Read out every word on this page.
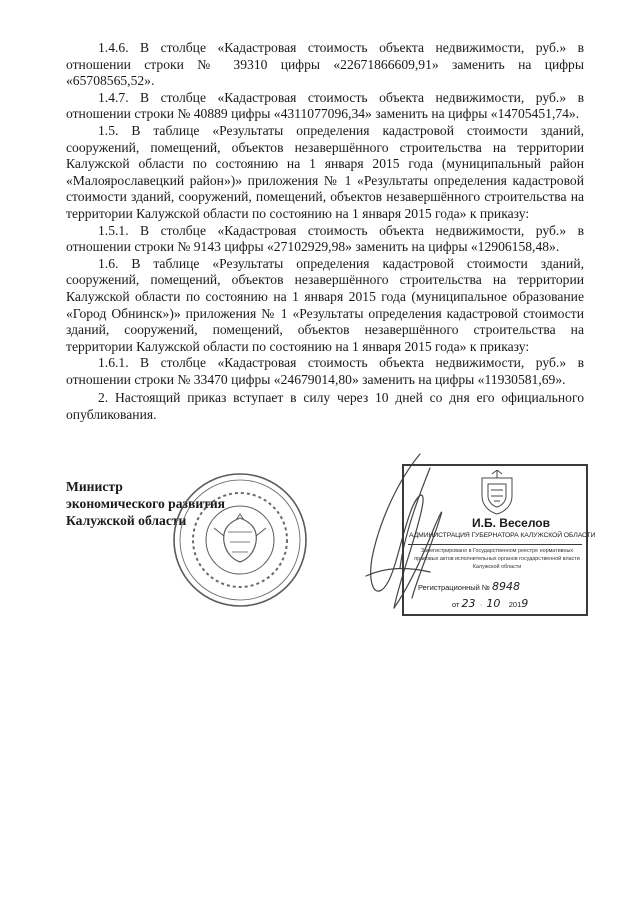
1.4.6. В столбце «Кадастровая стоимость объекта недвижимости, руб.» в отношении строки № 39310 цифры «22671866609,91» заменить на цифры «65708565,52».

1.4.7. В столбце «Кадастровая стоимость объекта недвижимости, руб.» в отношении строки № 40889 цифры «4311077096,34» заменить на цифры «14705451,74».

1.5. В таблице «Результаты определения кадастровой стоимости зданий, сооружений, помещений, объектов незавершённого строительства на территории Калужской области по состоянию на 1 января 2015 года (муниципальный район «Малоярославецкий район»)» приложения № 1 «Результаты определения кадастровой стоимости зданий, сооружений, помещений, объектов незавершённого строительства на территории Калужской области по состоянию на 1 января 2015 года» к приказу:

1.5.1. В столбце «Кадастровая стоимость объекта недвижимости, руб.» в отношении строки № 9143 цифры «27102929,98» заменить на цифры «12906158,48».

1.6. В таблице «Результаты определения кадастровой стоимости зданий, сооружений, помещений, объектов незавершённого строительства на территории Калужской области по состоянию на 1 января 2015 года (муниципальное образование «Город Обнинск»)» приложения № 1 «Результаты определения кадастровой стоимости зданий, сооружений, помещений, объектов незавершённого строительства на территории Калужской области по состоянию на 1 января 2015 года» к приказу:

1.6.1. В столбце «Кадастровая стоимость объекта недвижимости, руб.» в отношении строки № 33470 цифры «24679014,80» заменить на цифры «11930581,69».

2. Настоящий приказ вступает в силу через 10 дней со дня его официального опубликования.

Министр
экономического развития
Калужской области	И.Б. Веселов
АДМИНИСТРАЦИЯ ГУБЕРНАТОРА КАЛУЖСКОЙ ОБЛАСТИ
Зарегистрировано в Государственном реестре нормативных правовых актов исполнительных органов государственной власти Калужской области
Регистрационный № 8948
от 23  ·  10 2019
